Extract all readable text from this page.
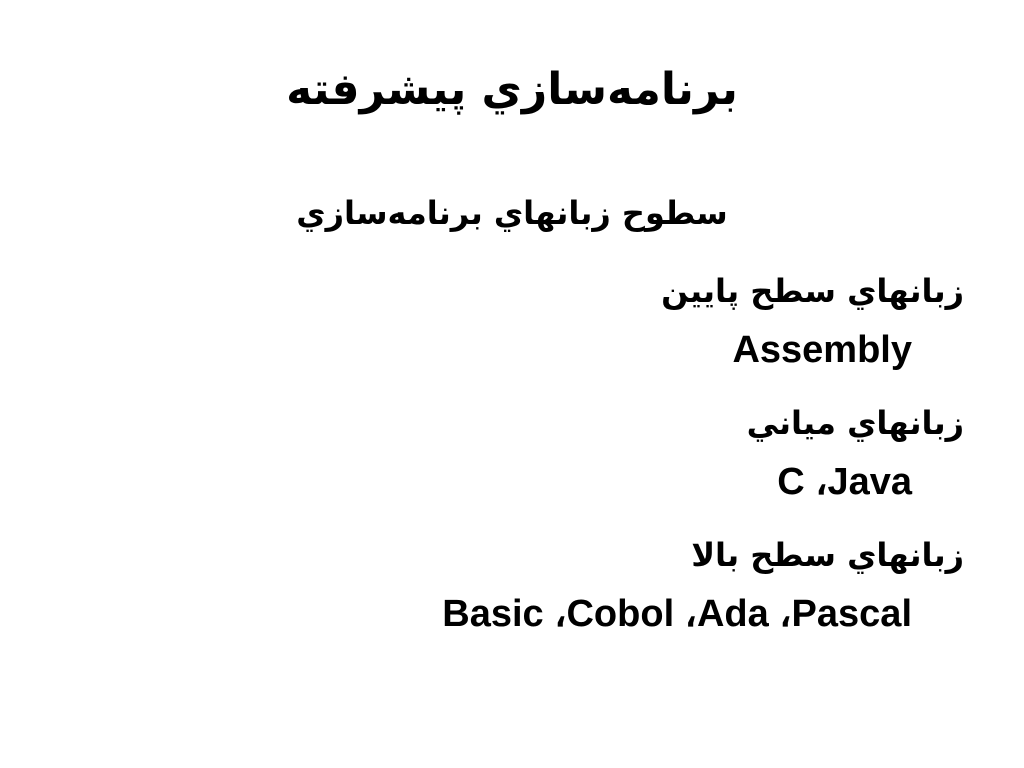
برنامه‌سازي پيشرفته
سطوح زبانهاي برنامه‌سازي
زبانهاي سطح پايين
Assembly
زبانهاي مياني
C ،Java
زبانهاي سطح بالا
Basic ،Cobol ،Ada ،Pascal
